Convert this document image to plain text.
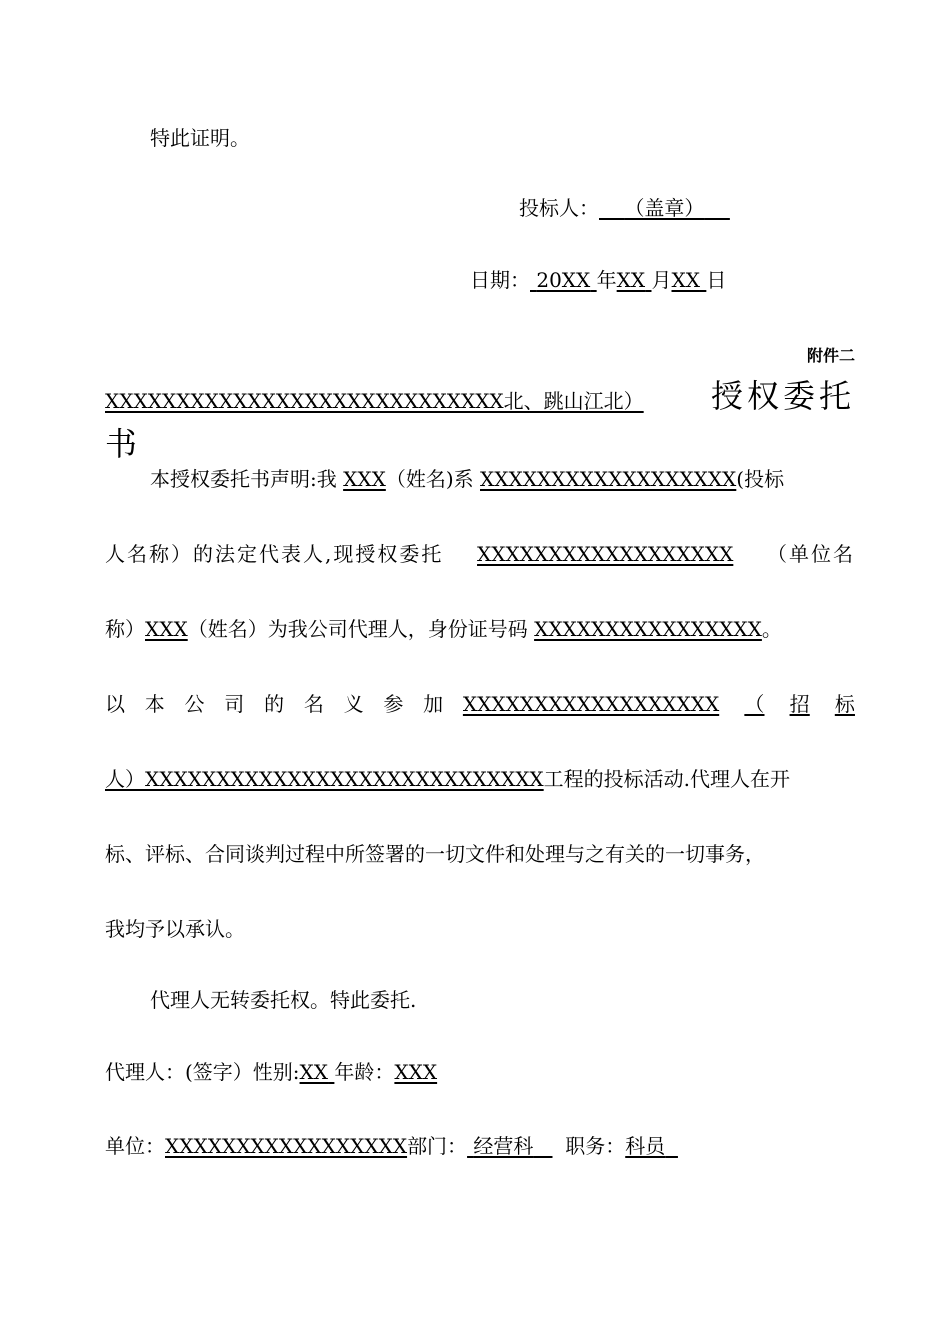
特此证明。
投标人： （盖章）
日期： 20XX 年XX 月XX 日
附件二
XXXXXXXXXXXXXXXXXXXXXXXXXXXX北、跳山江北） 授权委托
书
本授权委托书声明:我 XXX（姓名)系 XXXXXXXXXXXXXXXXXX(投标
人名称）的法定代表人,现授权委托 XXXXXXXXXXXXXXXXXX （单位名
称）XXX（姓名）为我公司代理人，身份证号码 XXXXXXXXXXXXXXXX。
以 本 公 司 的 名 义 参 加 XXXXXXXXXXXXXXXXXX （ 招 标
人）XXXXXXXXXXXXXXXXXXXXXXXXXXXX工程的投标活动.代理人在开
标、评标、合同谈判过程中所签署的一切文件和处理与之有关的一切事务，
我均予以承认。
代理人无转委托权。特此委托.
代理人：(签字）性别:XX 年龄：XXX
单位：XXXXXXXXXXXXXXXXX部门： 经营科 职务：科员
